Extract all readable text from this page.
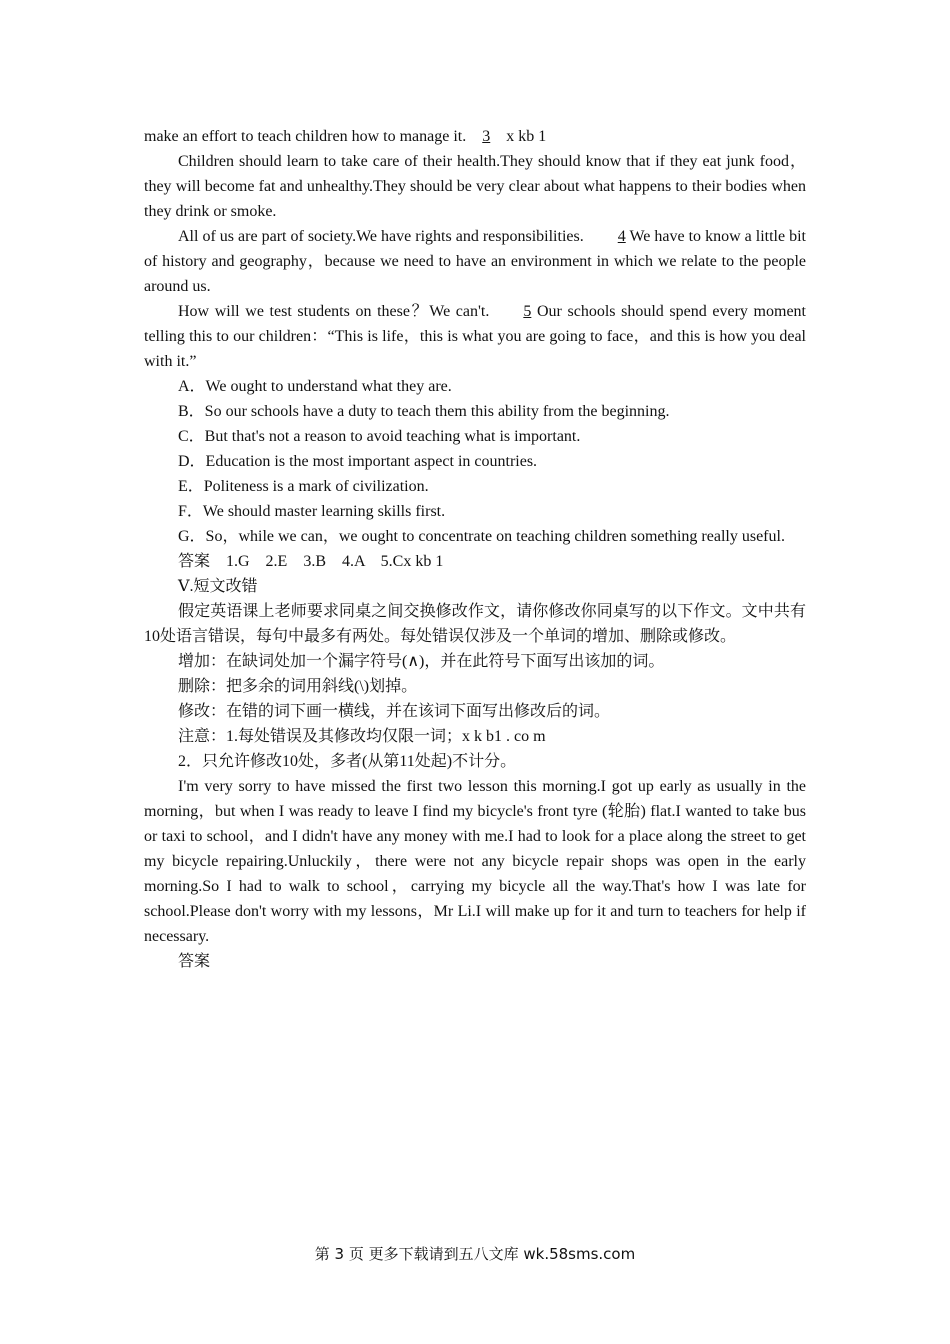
make an effort to teach children how to manage it. 3 x kb 1

Children should learn to take care of their health.They should know that if they eat junk food，they will become fat and unhealthy.They should be very clear about what happens to their bodies when they drink or smoke.

All of us are part of society.We have rights and responsibilities. 4 We have to know a little bit of history and geography，because we need to have an environment in which we relate to the people around us.

How will we test students on these？We can't. 5 Our schools should spend every moment telling this to our children：“This is life，this is what you are going to face，and this is how you deal with it.”

A．We ought to understand what they are.
B．So our schools have a duty to teach them this ability from the beginning.
C．But that's not a reason to avoid teaching what is important.
D．Education is the most important aspect in countries.
E．Politeness is a mark of civilization.
F．We should master learning skills first.

G．So，while we can，we ought to concentrate on teaching children something really useful.

答案　1.G　2.E　3.B　4.A　5.Cx kb 1
Ⅴ.短文改错

假定英语课上老师要求同桌之间交换修改作文，请你修改你同桌写的以下作文。文中共有10处语言错误，每句中最多有两处。每处错误仅涉及一个单词的增加、删除或修改。

增加：在缺词处加一个漏字符号(∧)，并在此符号下面写出该加的词。
删除：把多余的词用斜线(\)划掉。
修改：在错的词下画一横线，并在该词下面写出修改后的词。
注意：1.每处错误及其修改均仅限一词；x k b1 . co m
2．只允许修改10处，多者(从第11处起)不计分。

I'm very sorry to have missed the first two lesson this morning.I got up early as usually in the morning，but when I was ready to leave I find my bicycle's front tyre (轮胎) flat.I wanted to take bus or taxi to school，and I didn't have any money with me.I had to look for a place along the street to get my bicycle repairing.Unluckily，there were not any bicycle repair shops was open in the early morning.So I had to walk to school，carrying my bicycle all the way.That's how I was late for school.Please don't worry with my lessons，Mr Li.I will make up for it and turn to teachers for help if necessary.

答案
第 3 页 更多下载请到五八文库 wk.58sms.com
